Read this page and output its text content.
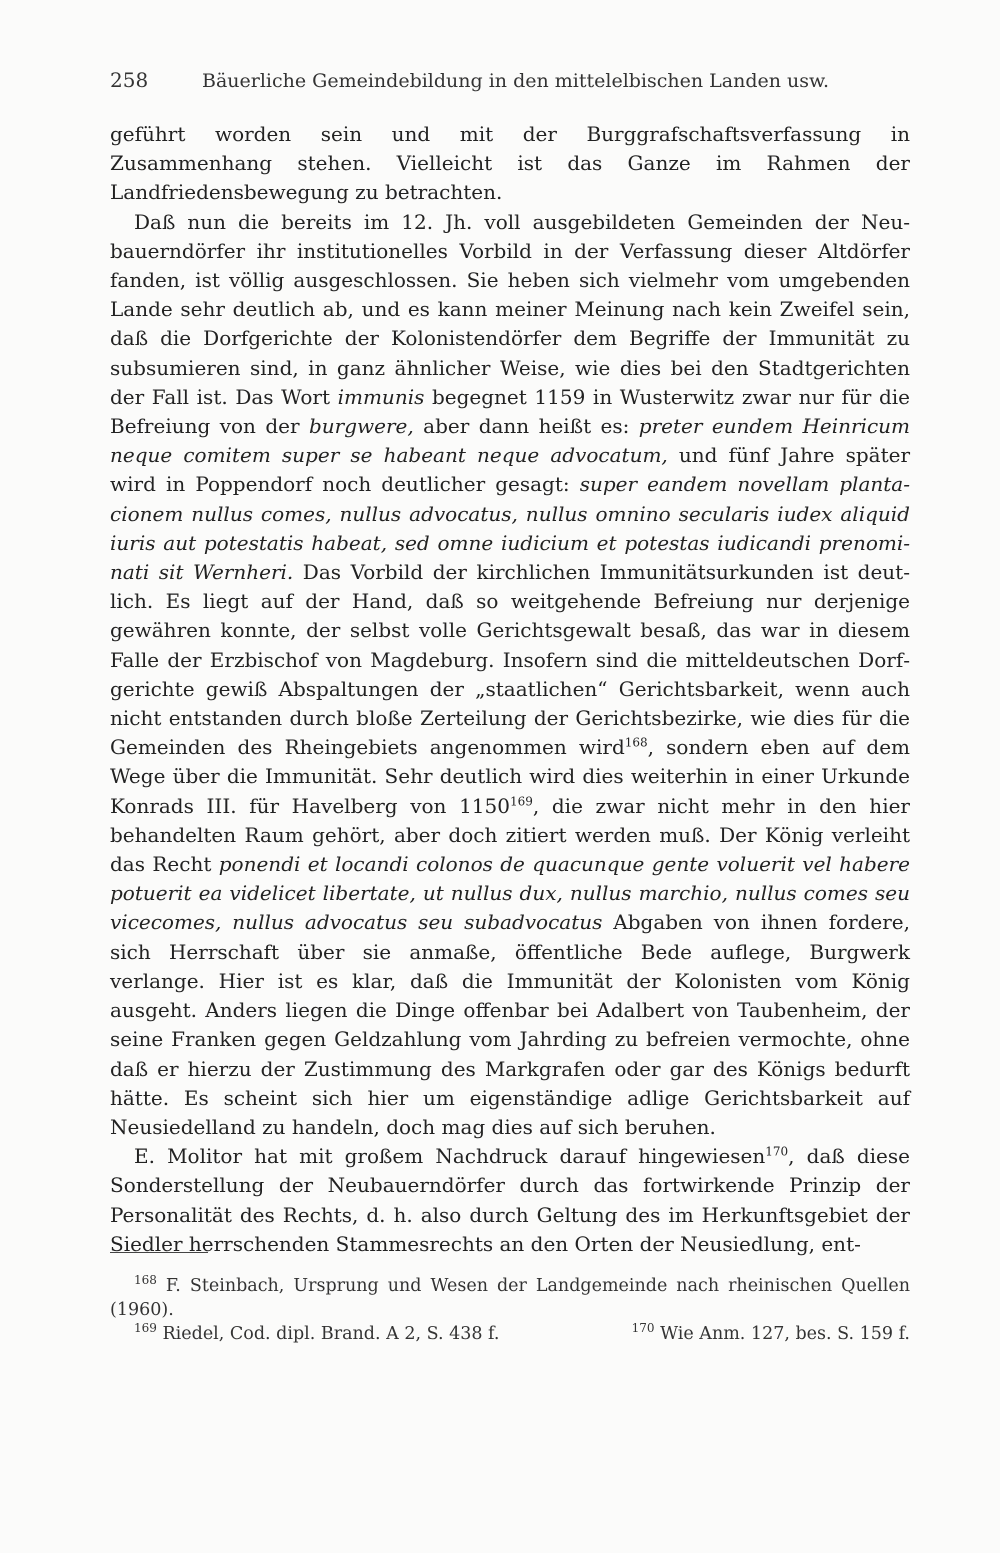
258	Bäuerliche Gemeindebildung in den mittelelbischen Landen usw.

geführt worden sein und mit der Burggrafschaftsverfassung in Zusammenhang stehen. Vielleicht ist das Ganze im Rahmen der Landfriedensbewegung zu betrachten.

Daß nun die bereits im 12. Jh. voll ausgebildeten Gemeinden der Neubauerndörfer ihr institutionelles Vorbild in der Verfassung dieser Altdörfer fanden, ist völlig ausgeschlossen. Sie heben sich vielmehr vom umgebenden Lande sehr deutlich ab, und es kann meiner Meinung nach kein Zweifel sein, daß die Dorfgerichte der Kolonistendörfer dem Begriffe der Immunität zu subsumieren sind, in ganz ähnlicher Weise, wie dies bei den Stadtgerichten der Fall ist. Das Wort immunis begegnet 1159 in Wusterwitz zwar nur für die Befreiung von der burgwere, aber dann heißt es: preter eundem Heinricum neque comitem super se habeant neque advocatum, und fünf Jahre später wird in Poppendorf noch deutlicher gesagt: super eandem novellam plantacionem nullus comes, nullus advocatus, nullus omnino secularis iudex aliquid iuris aut potestatis habeat, sed omne iudicium et potestas iudicandi prenominati sit Wernheri. Das Vorbild der kirchlichen Immunitätsurkunden ist deutlich. Es liegt auf der Hand, daß so weitgehende Befreiung nur derjenige gewähren konnte, der selbst volle Gerichtsgewalt besaß, das war in diesem Falle der Erzbischof von Magdeburg. Insofern sind die mitteldeutschen Dorfgerichte gewiß Abspaltungen der „staatlichen“ Gerichtsbarkeit, wenn auch nicht entstanden durch bloße Zerteilung der Gerichtsbezirke, wie dies für die Gemeinden des Rheingebiets angenommen wird$^{168}$, sondern eben auf dem Wege über die Immunität. Sehr deutlich wird dies weiterhin in einer Urkunde Konrads III. für Havelberg von 1150$^{169}$, die zwar nicht mehr in den hier behandelten Raum gehört, aber doch zitiert werden muß. Der König verleiht das Recht ponendi et locandi colonos de quacunque gente voluerit vel habere potuerit ea videlicet libertate, ut nullus dux, nullus marchio, nullus comes seu vicecomes, nullus advocatus seu subadvocatus Abgaben von ihnen fordere, sich Herrschaft über sie anmaße, öffentliche Bede auflege, Burgwerk verlange. Hier ist es klar, daß die Immunität der Kolonisten vom König ausgeht. Anders liegen die Dinge offenbar bei Adalbert von Taubenheim, der seine Franken gegen Geldzahlung vom Jahrding zu befreien vermochte, ohne daß er hierzu der Zustimmung des Markgrafen oder gar des Königs bedurft hätte. Es scheint sich hier um eigenständige adlige Gerichtsbarkeit auf Neusiedelland zu handeln, doch mag dies auf sich beruhen.

E. Molitor hat mit großem Nachdruck darauf hingewiesen$^{170}$, daß diese Sonderstellung der Neubauerndörfer durch das fortwirkende Prinzip der Personalität des Rechts, d. h. also durch Geltung des im Herkunftsgebiet der Siedler herrschenden Stammesrechts an den Orten der Neusiedlung, ent-

$^{168}$ F. Steinbach, Ursprung und Wesen der Landgemeinde nach rheinischen Quellen (1960).

$^{169}$ Riedel, Cod. dipl. Brand. A 2, S. 438 f.	$^{170}$ Wie Anm. 127, bes. S. 159 f.
